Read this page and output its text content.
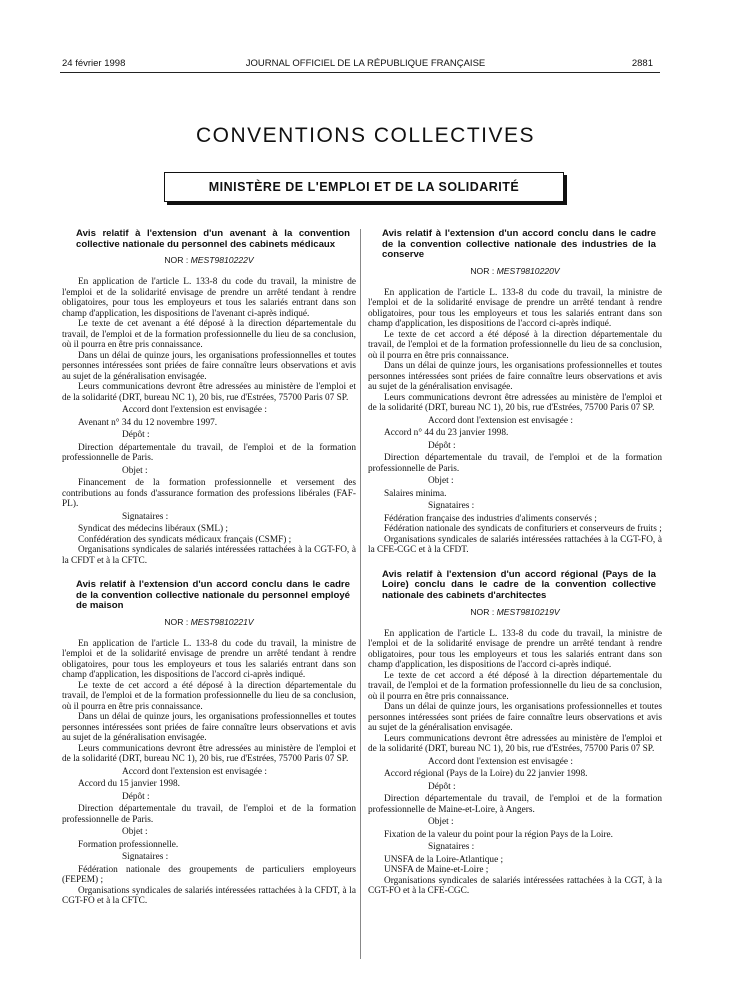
24 février 1998	JOURNAL OFFICIEL DE LA RÉPUBLIQUE FRANÇAISE	2881
CONVENTIONS COLLECTIVES
MINISTÈRE DE L'EMPLOI ET DE LA SOLIDARITÉ
Avis relatif à l'extension d'un avenant à la convention collective nationale du personnel des cabinets médicaux
NOR : MEST9810222V

En application de l'article L. 133-8 du code du travail, la ministre de l'emploi et de la solidarité envisage de prendre un arrêté tendant à rendre obligatoires, pour tous les employeurs et tous les salariés entrant dans son champ d'application, les dispositions de l'avenant ci-après indiqué.

Le texte de cet avenant a été déposé à la direction départementale du travail, de l'emploi et de la formation professionnelle du lieu de sa conclusion, où il pourra en être pris connaissance.

Dans un délai de quinze jours, les organisations professionnelles et toutes personnes intéressées sont priées de faire connaître leurs observations et avis au sujet de la généralisation envisagée.

Leurs communications devront être adressées au ministère de l'emploi et de la solidarité (DRT, bureau NC 1), 20 bis, rue d'Estrées, 75700 Paris 07 SP.

Accord dont l'extension est envisagée :

Avenant n° 34 du 12 novembre 1997.

Dépôt :

Direction départementale du travail, de l'emploi et de la formation professionnelle de Paris.

Objet :

Financement de la formation professionnelle et versement des contributions au fonds d'assurance formation des professions libérales (FAF-PL).

Signataires :
Syndicat des médecins libéraux (SML) ;
Confédération des syndicats médicaux français (CSMF) ;
Organisations syndicales de salariés intéressées rattachées à la CGT-FO, à la CFDT et à la CFTC.
Avis relatif à l'extension d'un accord conclu dans le cadre de la convention collective nationale du personnel employé de maison
NOR : MEST9810221V

En application de l'article L. 133-8 du code du travail, la ministre de l'emploi et de la solidarité envisage de prendre un arrêté tendant à rendre obligatoires, pour tous les employeurs et tous les salariés entrant dans son champ d'application, les dispositions de l'accord ci-après indiqué.

Le texte de cet accord a été déposé à la direction départementale du travail, de l'emploi et de la formation professionnelle du lieu de sa conclusion, où il pourra en être pris connaissance.

Dans un délai de quinze jours, les organisations professionnelles et toutes personnes intéressées sont priées de faire connaître leurs observations et avis au sujet de la généralisation envisagée.

Leurs communications devront être adressées au ministère de l'emploi et de la solidarité (DRT, bureau NC 1), 20 bis, rue d'Estrées, 75700 Paris 07 SP.

Accord dont l'extension est envisagée :

Accord du 15 janvier 1998.

Dépôt :

Direction départementale du travail, de l'emploi et de la formation professionnelle de Paris.

Objet :

Formation professionnelle.

Signataires :
Fédération nationale des groupements de particuliers employeurs (FEPEM) ;
Organisations syndicales de salariés intéressées rattachées à la CFDT, à la CGT-FO et à la CFTC.
Avis relatif à l'extension d'un accord conclu dans le cadre de la convention collective nationale des industries de la conserve
NOR : MEST9810220V

En application de l'article L. 133-8 du code du travail, la ministre de l'emploi et de la solidarité envisage de prendre un arrêté tendant à rendre obligatoires, pour tous les employeurs et tous les salariés entrant dans son champ d'application, les dispositions de l'accord ci-après indiqué.

Le texte de cet accord a été déposé à la direction départementale du travail, de l'emploi et de la formation professionnelle du lieu de sa conclusion, où il pourra en être pris connaissance.

Dans un délai de quinze jours, les organisations professionnelles et toutes personnes intéressées sont priées de faire connaître leurs observations et avis au sujet de la généralisation envisagée.

Leurs communications devront être adressées au ministère de l'emploi et de la solidarité (DRT, bureau NC 1), 20 bis, rue d'Estrées, 75700 Paris 07 SP.

Accord dont l'extension est envisagée :

Accord n° 44 du 23 janvier 1998.

Dépôt :

Direction départementale du travail, de l'emploi et de la formation professionnelle de Paris.

Objet :

Salaires minima.

Signataires :
Fédération française des industries d'aliments conservés ;
Fédération nationale des syndicats de confituriers et conserveurs de fruits ;
Organisations syndicales de salariés intéressées rattachées à la CGT-FO, à la CFE-CGC et à la CFDT.
Avis relatif à l'extension d'un accord régional (Pays de la Loire) conclu dans le cadre de la convention collective nationale des cabinets d'architectes
NOR : MEST9810219V

En application de l'article L. 133-8 du code du travail, la ministre de l'emploi et de la solidarité envisage de prendre un arrêté tendant à rendre obligatoires, pour tous les employeurs et tous les salariés entrant dans son champ d'application, les dispositions de l'accord ci-après indiqué.

Le texte de cet accord a été déposé à la direction départementale du travail, de l'emploi et de la formation professionnelle du lieu de sa conclusion, où il pourra en être pris connaissance.

Dans un délai de quinze jours, les organisations professionnelles et toutes personnes intéressées sont priées de faire connaître leurs observations et avis au sujet de la généralisation envisagée.

Leurs communications devront être adressées au ministère de l'emploi et de la solidarité (DRT, bureau NC 1), 20 bis, rue d'Estrées, 75700 Paris 07 SP.

Accord dont l'extension est envisagée :

Accord régional (Pays de la Loire) du 22 janvier 1998.

Dépôt :

Direction départementale du travail, de l'emploi et de la formation professionnelle de Maine-et-Loire, à Angers.

Objet :

Fixation de la valeur du point pour la région Pays de la Loire.

Signataires :
UNSFA de la Loire-Atlantique ;
UNSFA de Maine-et-Loire ;
Organisations syndicales de salariés intéressées rattachées à la CGT, à la CGT-FO et à la CFE-CGC.
